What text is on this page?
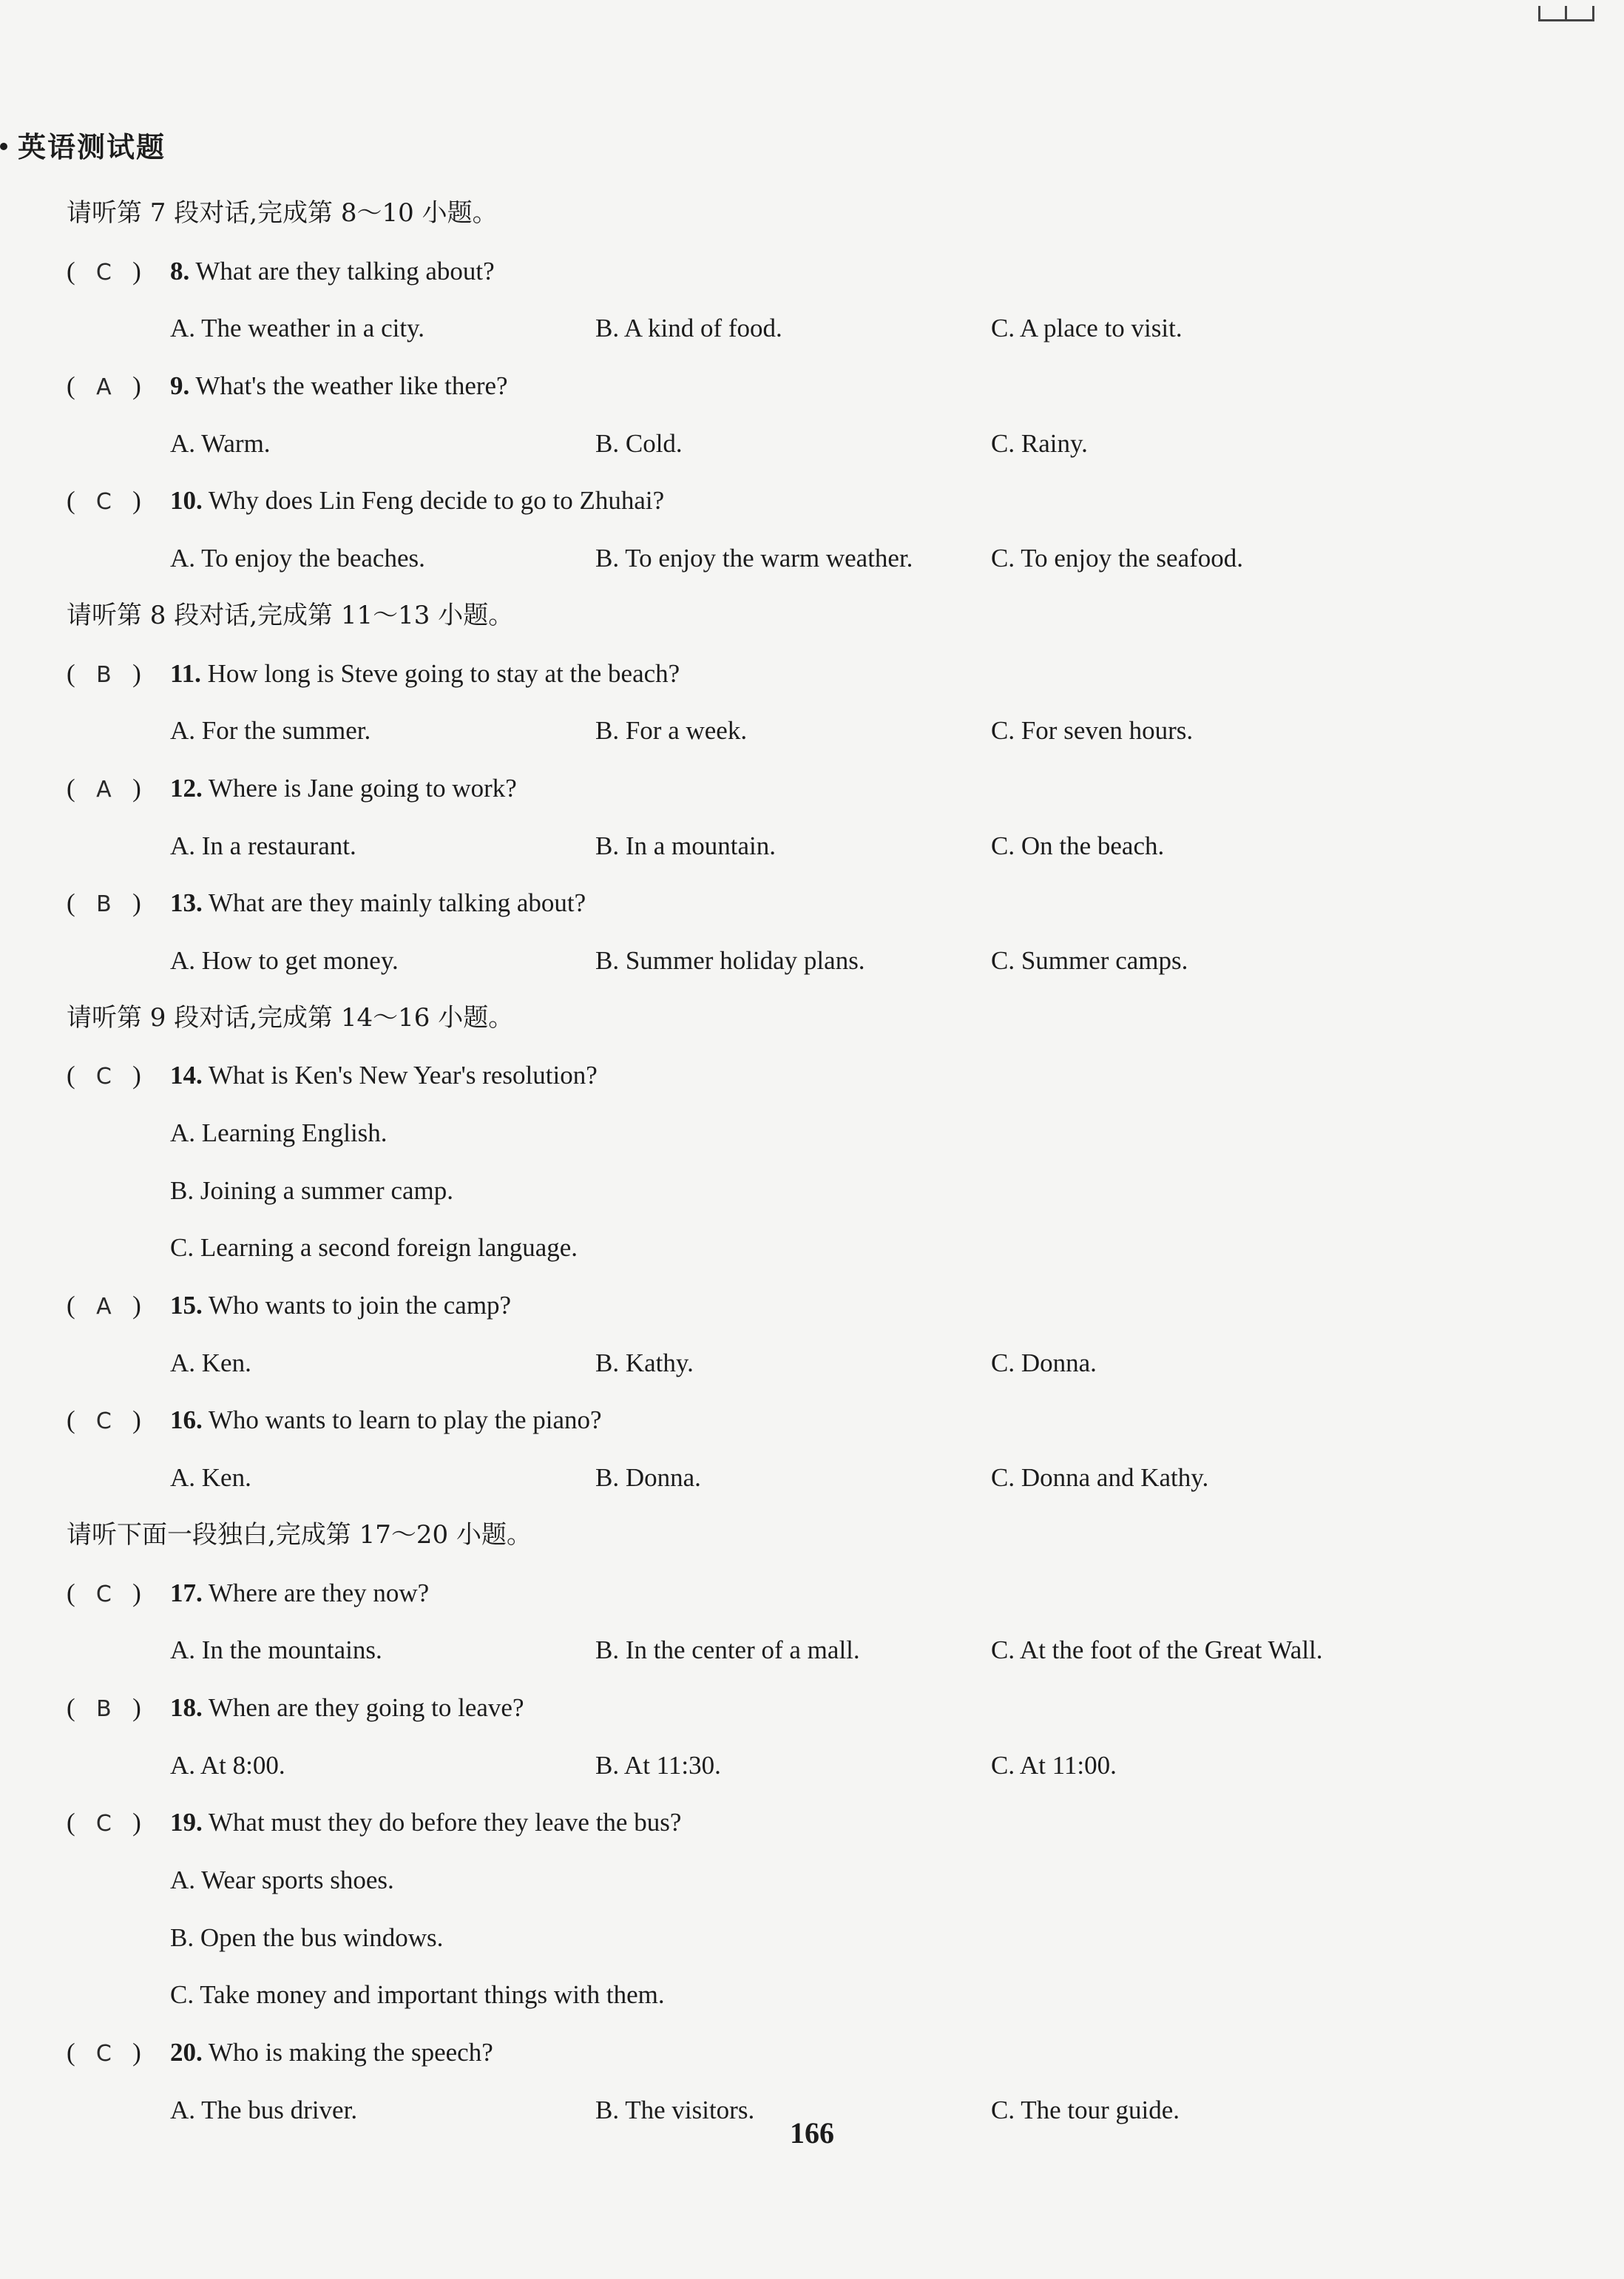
英语测试题
请听第 7 段对话,完成第 8～10 小题。
( C ) 8. What are they talking about?
A. The weather in a city.	B. A kind of food.	C. A place to visit.
( A ) 9. What's the weather like there?
A. Warm.	B. Cold.	C. Rainy.
( C ) 10. Why does Lin Feng decide to go to Zhuhai?
A. To enjoy the beaches.	B. To enjoy the warm weather.	C. To enjoy the seafood.
请听第 8 段对话,完成第 11～13 小题。
( B ) 11. How long is Steve going to stay at the beach?
A. For the summer.	B. For a week.	C. For seven hours.
( A ) 12. Where is Jane going to work?
A. In a restaurant.	B. In a mountain.	C. On the beach.
( B ) 13. What are they mainly talking about?
A. How to get money.	B. Summer holiday plans.	C. Summer camps.
请听第 9 段对话,完成第 14～16 小题。
( C ) 14. What is Ken's New Year's resolution?
A. Learning English.
B. Joining a summer camp.
C. Learning a second foreign language.
( A ) 15. Who wants to join the camp?
A. Ken.	B. Kathy.	C. Donna.
( C ) 16. Who wants to learn to play the piano?
A. Ken.	B. Donna.	C. Donna and Kathy.
请听下面一段独白,完成第 17～20 小题。
( C ) 17. Where are they now?
A. In the mountains.	B. In the center of a mall.	C. At the foot of the Great Wall.
( B ) 18. When are they going to leave?
A. At 8:00.	B. At 11:30.	C. At 11:00.
( C ) 19. What must they do before they leave the bus?
A. Wear sports shoes.
B. Open the bus windows.
C. Take money and important things with them.
( C ) 20. Who is making the speech?
A. The bus driver.	B. The visitors.	C. The tour guide.
166
